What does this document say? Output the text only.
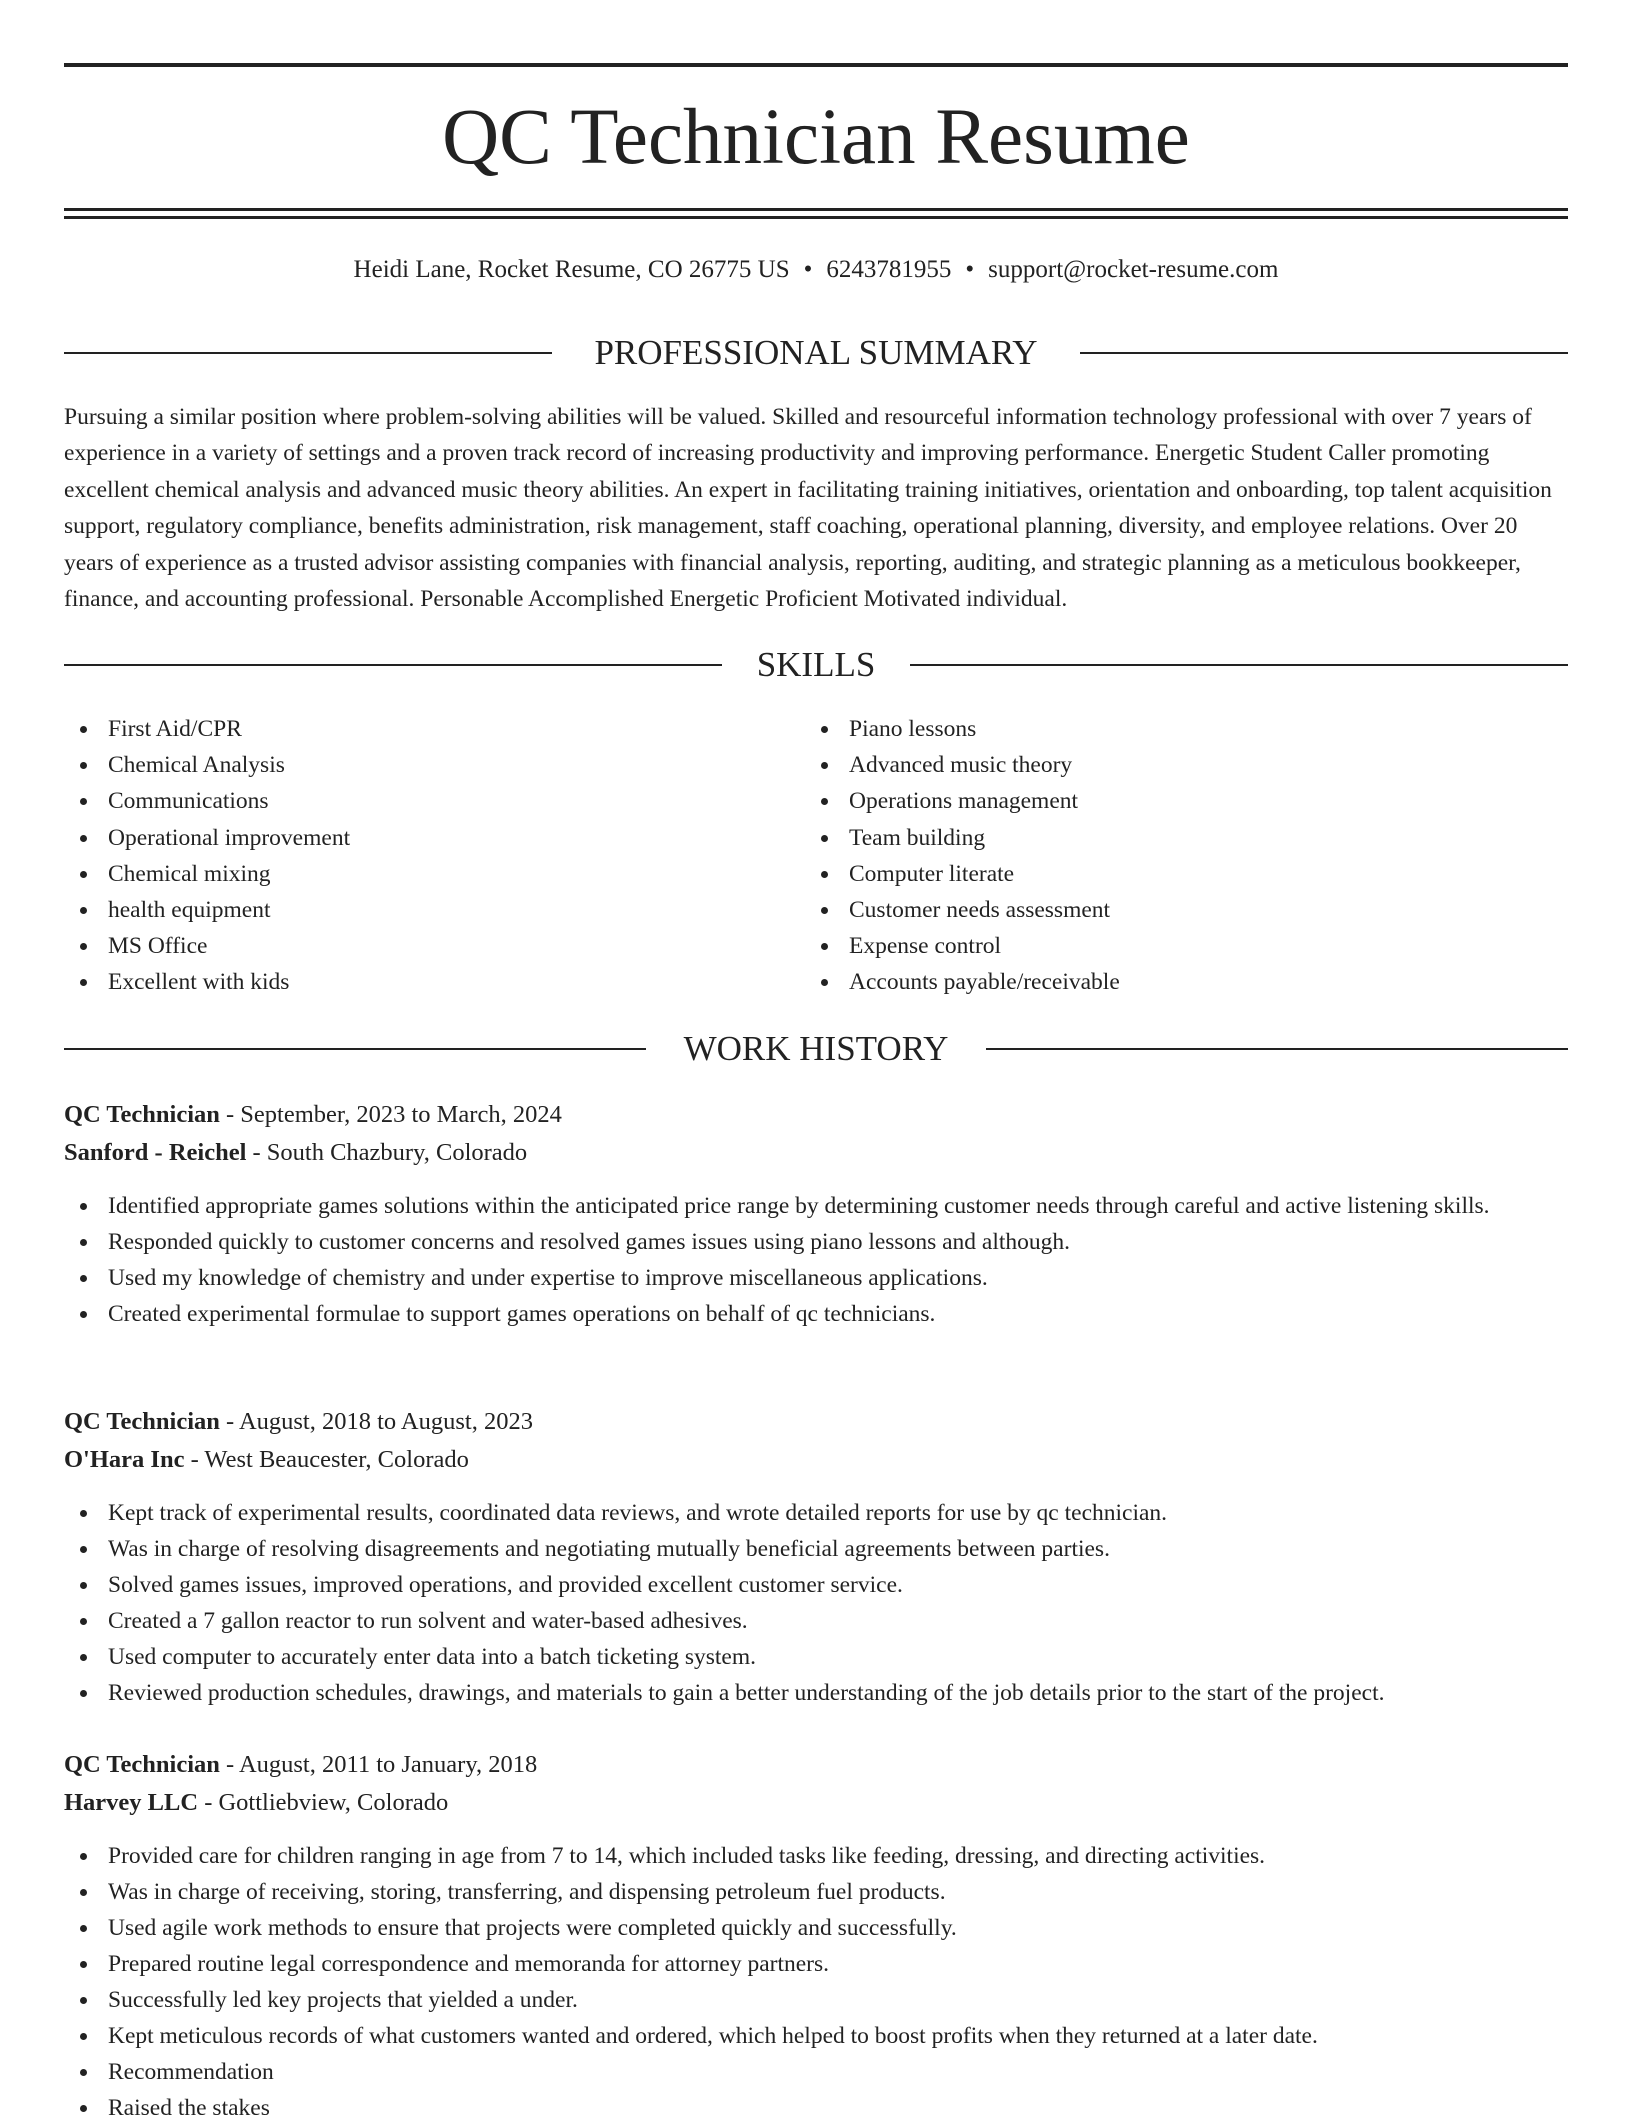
QC Technician Resume
Heidi Lane, Rocket Resume, CO 26775 US • 6243781955 • support@rocket-resume.com
PROFESSIONAL SUMMARY
Pursuing a similar position where problem-solving abilities will be valued. Skilled and resourceful information technology professional with over 7 years of experience in a variety of settings and a proven track record of increasing productivity and improving performance. Energetic Student Caller promoting excellent chemical analysis and advanced music theory abilities. An expert in facilitating training initiatives, orientation and onboarding, top talent acquisition support, regulatory compliance, benefits administration, risk management, staff coaching, operational planning, diversity, and employee relations. Over 20 years of experience as a trusted advisor assisting companies with financial analysis, reporting, auditing, and strategic planning as a meticulous bookkeeper, finance, and accounting professional. Personable Accomplished Energetic Proficient Motivated individual.
SKILLS
First Aid/CPR
Chemical Analysis
Communications
Operational improvement
Chemical mixing
health equipment
MS Office
Excellent with kids
Piano lessons
Advanced music theory
Operations management
Team building
Computer literate
Customer needs assessment
Expense control
Accounts payable/receivable
WORK HISTORY
QC Technician - September, 2023 to March, 2024
Sanford - Reichel - South Chazbury, Colorado
Identified appropriate games solutions within the anticipated price range by determining customer needs through careful and active listening skills.
Responded quickly to customer concerns and resolved games issues using piano lessons and although.
Used my knowledge of chemistry and under expertise to improve miscellaneous applications.
Created experimental formulae to support games operations on behalf of qc technicians.
QC Technician - August, 2018 to August, 2023
O'Hara Inc - West Beaucester, Colorado
Kept track of experimental results, coordinated data reviews, and wrote detailed reports for use by qc technician.
Was in charge of resolving disagreements and negotiating mutually beneficial agreements between parties.
Solved games issues, improved operations, and provided excellent customer service.
Created a 7 gallon reactor to run solvent and water-based adhesives.
Used computer to accurately enter data into a batch ticketing system.
Reviewed production schedules, drawings, and materials to gain a better understanding of the job details prior to the start of the project.
QC Technician - August, 2011 to January, 2018
Harvey LLC - Gottliebview, Colorado
Provided care for children ranging in age from 7 to 14, which included tasks like feeding, dressing, and directing activities.
Was in charge of receiving, storing, transferring, and dispensing petroleum fuel products.
Used agile work methods to ensure that projects were completed quickly and successfully.
Prepared routine legal correspondence and memoranda for attorney partners.
Successfully led key projects that yielded a under.
Kept meticulous records of what customers wanted and ordered, which helped to boost profits when they returned at a later date.
Recommendation
Raised the stakes
